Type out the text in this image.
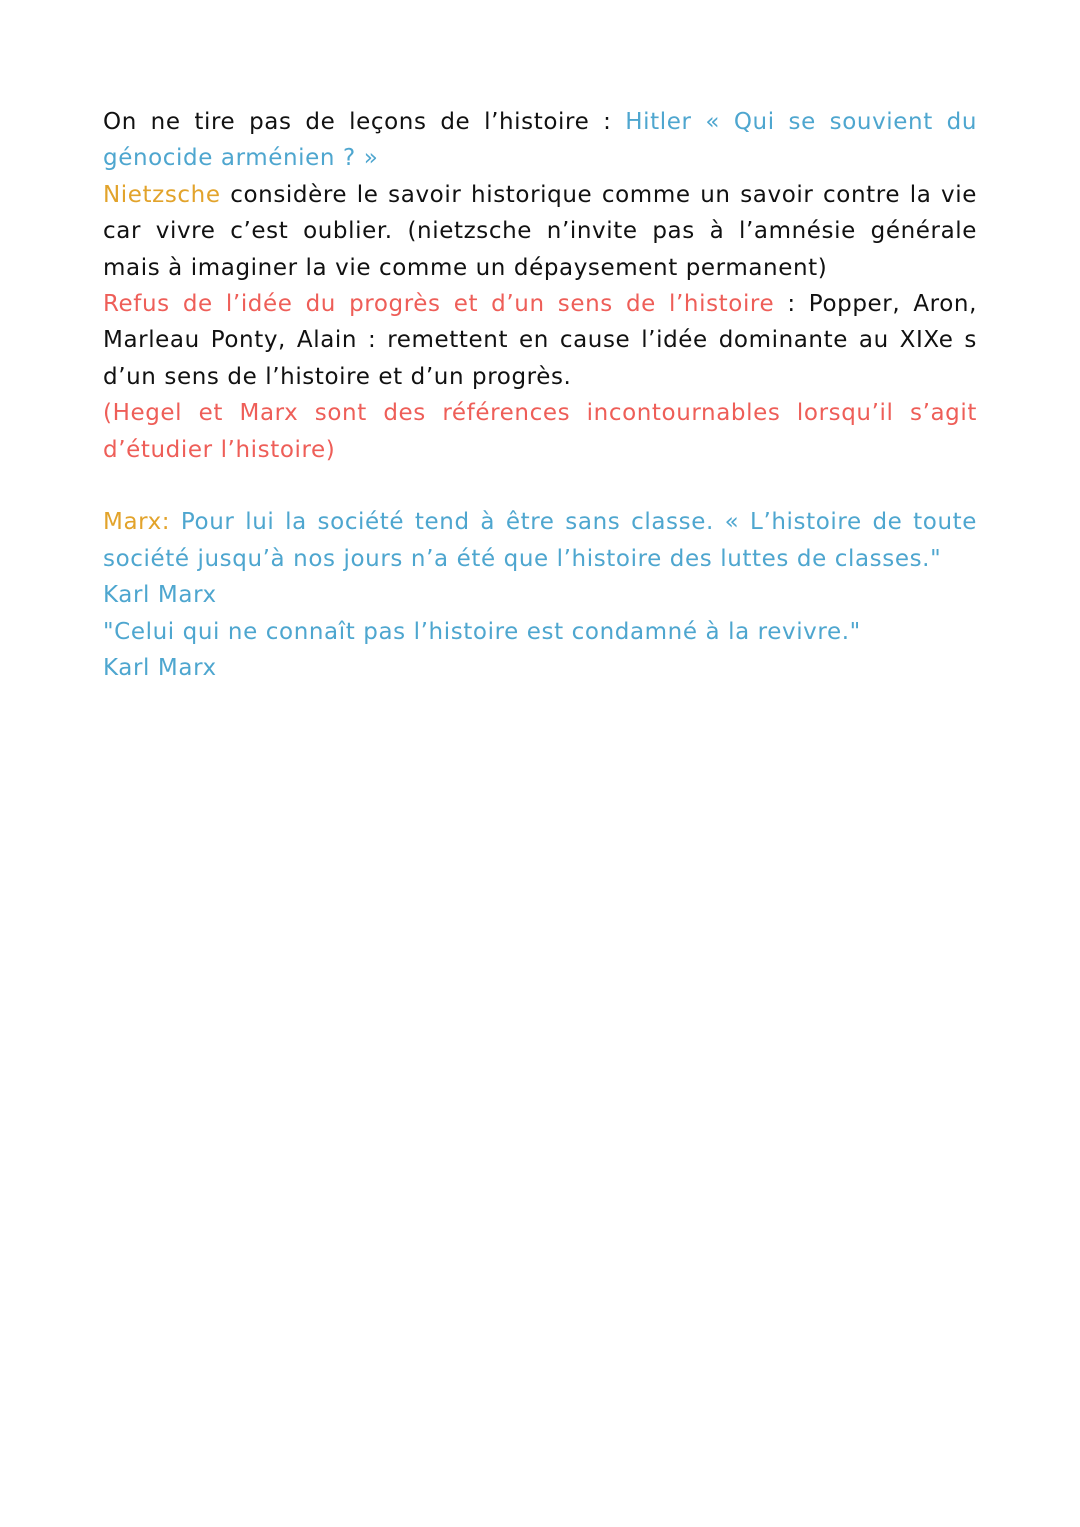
On ne tire pas de leçons de l’histoire : Hitler « Qui se souvient du génocide arménien ? »

Nietzsche considère le savoir historique comme un savoir contre la vie car vivre c’est oublier. (nietzsche n’invite pas à l’amnésie générale mais à imaginer la vie comme un dépaysement permanent)

Refus de l’idée du progrès et d’un sens de l’histoire : Popper, Aron, Marleau Ponty, Alain : remettent en cause l’idée dominante au XIXe s d’un sens de l’histoire et d’un progrès.

(Hegel et Marx sont des références incontournables lorsqu’il s’agit d’étudier l’histoire)

Marx: Pour lui la société tend à être sans classe. « L’histoire de toute société jusqu’à nos jours n’a été que l’histoire des luttes de classes."

Karl Marx

"Celui qui ne connaît pas l’histoire est condamné à la revivre."

Karl Marx
